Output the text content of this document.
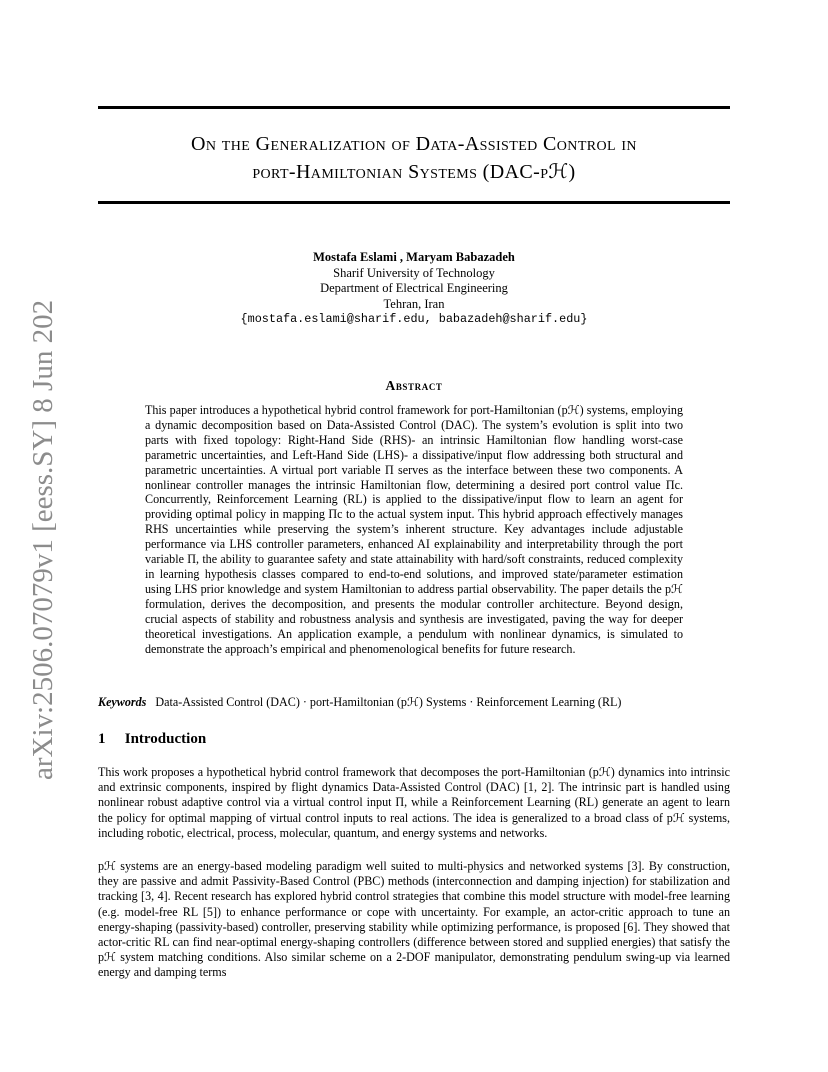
arXiv:2506.07079v1 [eess.SY] 8 Jun 2025
On the Generalization of Data-Assisted Control in
port-Hamiltonian Systems (DAC-pℋ)
Mostafa Eslami , Maryam Babazadeh
Sharif University of Technology
Department of Electrical Engineering
Tehran, Iran
{mostafa.eslami@sharif.edu, babazadeh@sharif.edu}
Abstract
This paper introduces a hypothetical hybrid control framework for port-Hamiltonian (pℋ) systems, employing a dynamic decomposition based on Data-Assisted Control (DAC). The system’s evolution is split into two parts with fixed topology: Right-Hand Side (RHS)- an intrinsic Hamiltonian flow handling worst-case parametric uncertainties, and Left-Hand Side (LHS)- a dissipative/input flow addressing both structural and parametric uncertainties. A virtual port variable Π serves as the interface between these two components. A nonlinear controller manages the intrinsic Hamiltonian flow, determining a desired port control value Πc. Concurrently, Reinforcement Learning (RL) is applied to the dissipative/input flow to learn an agent for providing optimal policy in mapping Πc to the actual system input. This hybrid approach effectively manages RHS uncertainties while preserving the system’s inherent structure. Key advantages include adjustable performance via LHS controller parameters, enhanced AI explainability and interpretability through the port variable Π, the ability to guarantee safety and state attainability with hard/soft constraints, reduced complexity in learning hypothesis classes compared to end-to-end solutions, and improved state/parameter estimation using LHS prior knowledge and system Hamiltonian to address partial observability. The paper details the pℋ formulation, derives the decomposition, and presents the modular controller architecture. Beyond design, crucial aspects of stability and robustness analysis and synthesis are investigated, paving the way for deeper theoretical investigations. An application example, a pendulum with nonlinear dynamics, is simulated to demonstrate the approach’s empirical and phenomenological benefits for future research.
Keywords Data-Assisted Control (DAC) · port-Hamiltonian (pℋ) Systems · Reinforcement Learning (RL)
1 Introduction
This work proposes a hypothetical hybrid control framework that decomposes the port-Hamiltonian (pℋ) dynamics into intrinsic and extrinsic components, inspired by flight dynamics Data-Assisted Control (DAC) [1, 2]. The intrinsic part is handled using nonlinear robust adaptive control via a virtual control input Π, while a Reinforcement Learning (RL) generate an agent to learn the policy for optimal mapping of virtual control inputs to real actions. The idea is generalized to a broad class of pℋ systems, including robotic, electrical, process, molecular, quantum, and energy systems and networks.
pℋ systems are an energy-based modeling paradigm well suited to multi-physics and networked systems [3]. By construction, they are passive and admit Passivity-Based Control (PBC) methods (interconnection and damping injection) for stabilization and tracking [3, 4]. Recent research has explored hybrid control strategies that combine this model structure with model-free learning (e.g. model-free RL [5]) to enhance performance or cope with uncertainty. For example, an actor-critic approach to tune an energy-shaping (passivity-based) controller, preserving stability while optimizing performance, is proposed [6]. They showed that actor-critic RL can find near-optimal energy-shaping controllers (difference between stored and supplied energies) that satisfy the pℋ system matching conditions. Also similar scheme on a 2-DOF manipulator, demonstrating pendulum swing-up via learned energy and damping terms
